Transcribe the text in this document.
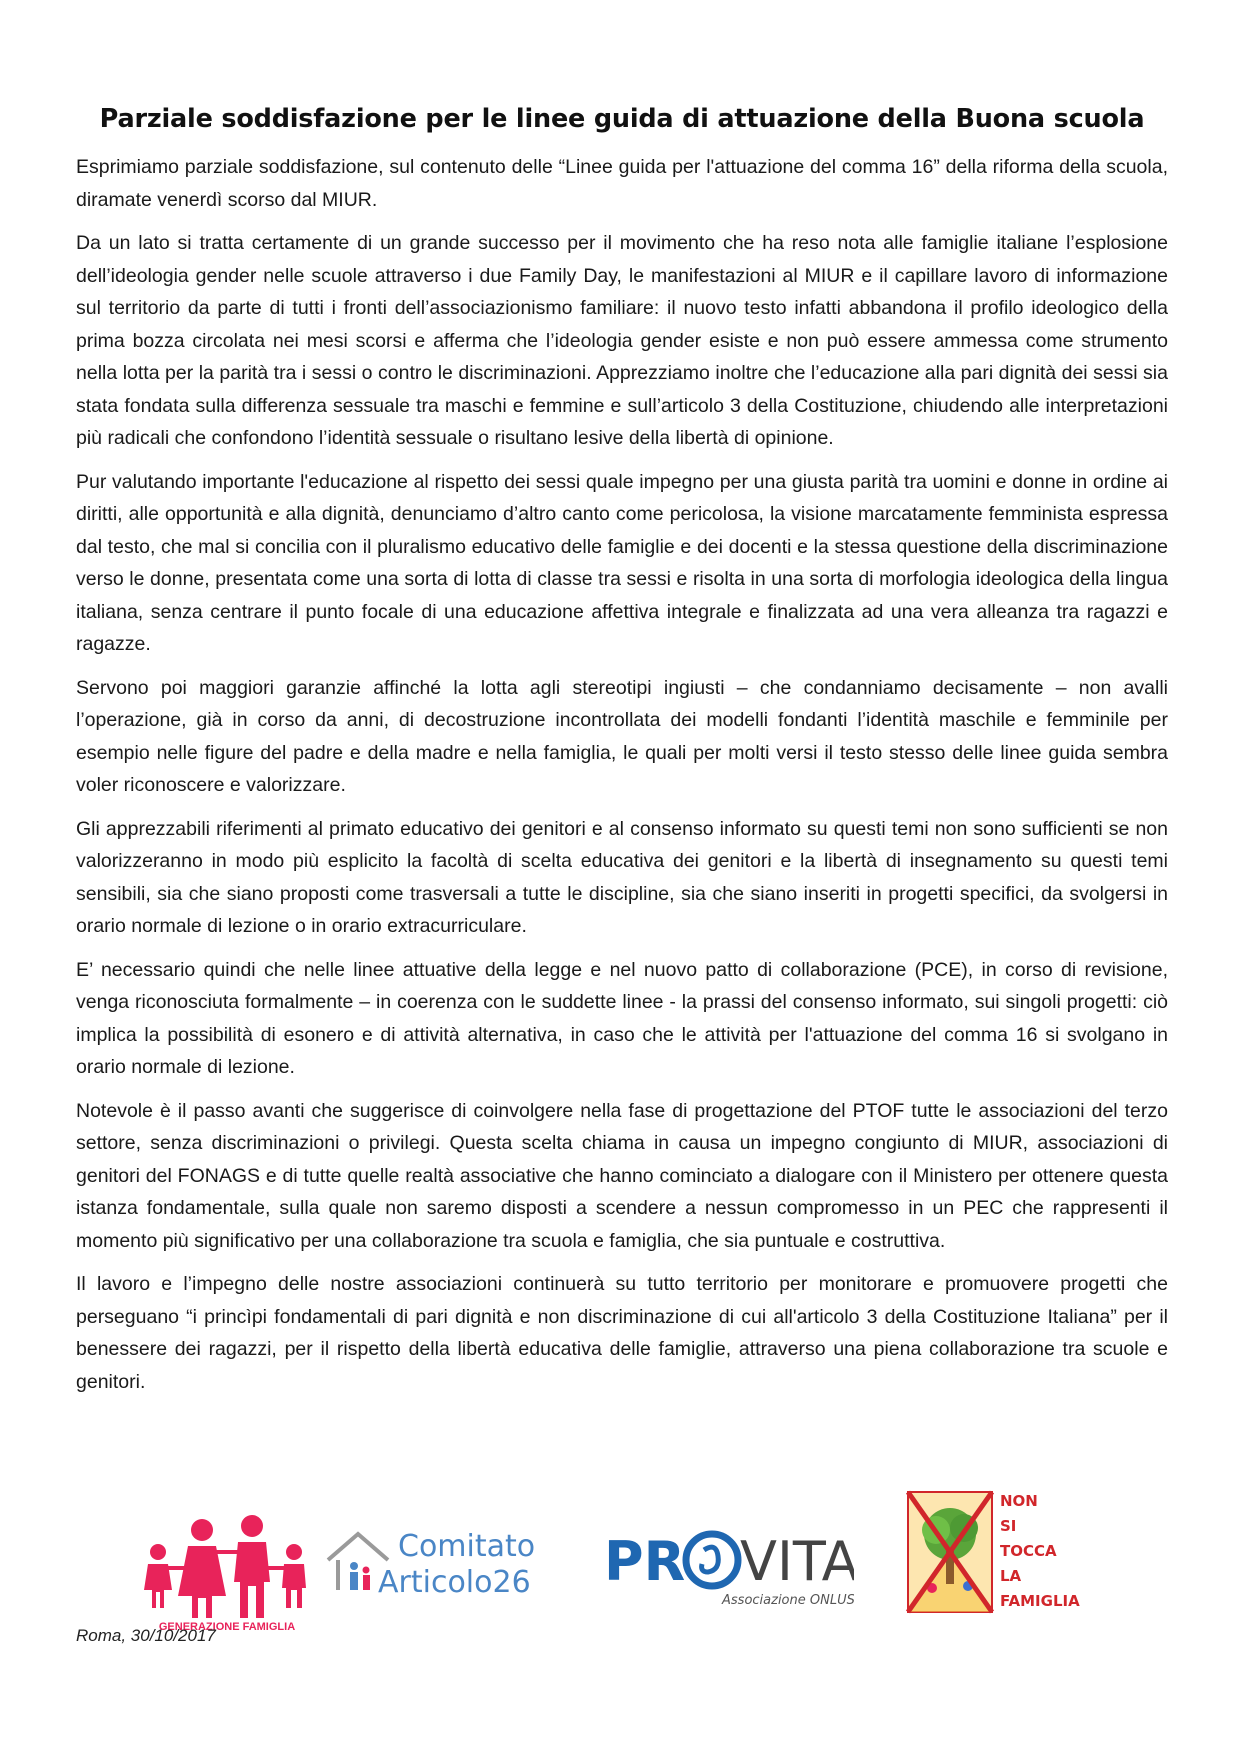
Parziale soddisfazione per le linee guida di attuazione della Buona scuola

Esprimiamo parziale soddisfazione, sul contenuto delle “Linee guida per l'attuazione del comma 16” della riforma della scuola, diramate venerdì scorso dal MIUR.

Da un lato si tratta certamente di un grande successo per il movimento che ha reso nota alle famiglie italiane l’esplosione dell’ideologia gender nelle scuole attraverso i due Family Day, le manifestazioni al MIUR e il capillare lavoro di informazione sul territorio da parte di tutti i fronti dell’associazionismo familiare: il nuovo testo infatti abbandona il profilo ideologico della prima bozza circolata nei mesi scorsi e afferma che l’ideologia gender esiste e non può essere ammessa come strumento nella lotta per la parità tra i sessi o contro le discriminazioni. Apprezziamo inoltre che l’educazione alla pari dignità dei sessi sia stata fondata sulla differenza sessuale tra maschi e femmine e sull’articolo 3 della Costituzione, chiudendo alle interpretazioni più radicali che confondono l’identità sessuale o risultano lesive della libertà di opinione.

Pur valutando importante l'educazione al rispetto dei sessi quale impegno per una giusta parità tra uomini e donne in ordine ai diritti, alle opportunità e alla dignità, denunciamo d’altro canto come pericolosa, la visione marcatamente femminista espressa dal testo, che mal si concilia con il pluralismo educativo delle famiglie e dei docenti e la stessa questione della discriminazione verso le donne, presentata come una sorta di lotta di classe tra sessi e risolta in una sorta di morfologia ideologica della lingua italiana, senza centrare il punto focale di una educazione affettiva integrale e finalizzata ad una vera alleanza tra ragazzi e ragazze.

Servono poi maggiori garanzie affinché la lotta agli stereotipi ingiusti – che condanniamo decisamente – non avalli l’operazione, già in corso da anni, di decostruzione incontrollata dei modelli fondanti l’identità maschile e femminile per esempio nelle figure del padre e della madre e nella famiglia, le quali per molti versi il testo stesso delle linee guida sembra voler riconoscere e valorizzare.

Gli apprezzabili riferimenti al primato educativo dei genitori e al consenso informato su questi temi non sono sufficienti se non valorizzeranno in modo più esplicito la facoltà di scelta educativa dei genitori e la libertà di insegnamento su questi temi sensibili, sia che siano proposti come trasversali a tutte le discipline, sia che siano inseriti in progetti specifici, da svolgersi in orario normale di lezione o in orario extracurriculare.

E’ necessario quindi che nelle linee attuative della legge e nel nuovo patto di collaborazione (PCE), in corso di revisione, venga riconosciuta formalmente – in coerenza con le suddette linee - la prassi del consenso informato, sui singoli progetti: ciò implica la possibilità di esonero e di attività alternativa, in caso che le attività per l'attuazione del comma 16 si svolgano in orario normale di lezione.

Notevole è il passo avanti che suggerisce di coinvolgere nella fase di progettazione del PTOF tutte le associazioni del terzo settore, senza discriminazioni o privilegi. Questa scelta chiama in causa un impegno congiunto di MIUR, associazioni di genitori del FONAGS e di tutte quelle realtà associative che hanno cominciato a dialogare con il Ministero per ottenere questa istanza fondamentale, sulla quale non saremo disposti a scendere a nessun compromesso in un PEC che rappresenti il momento più significativo per una collaborazione tra scuola e famiglia, che sia puntuale e costruttiva.

Il lavoro e l’impegno delle nostre associazioni continuerà su tutto territorio per monitorare e promuovere progetti che perseguano “i princìpi fondamentali di pari dignità e non discriminazione di cui all'articolo 3 della Costituzione Italiana” per il benessere dei ragazzi, per il rispetto della libertà educativa delle famiglie, attraverso una piena collaborazione tra scuole e genitori.

GENERAZIONE FAMIGLIA
Comitato
Articolo26 PR VITA
Associazione ONLUS
NON
SI
TOCCA
LA
FAMIGLIA
Roma, 30/10/2017
